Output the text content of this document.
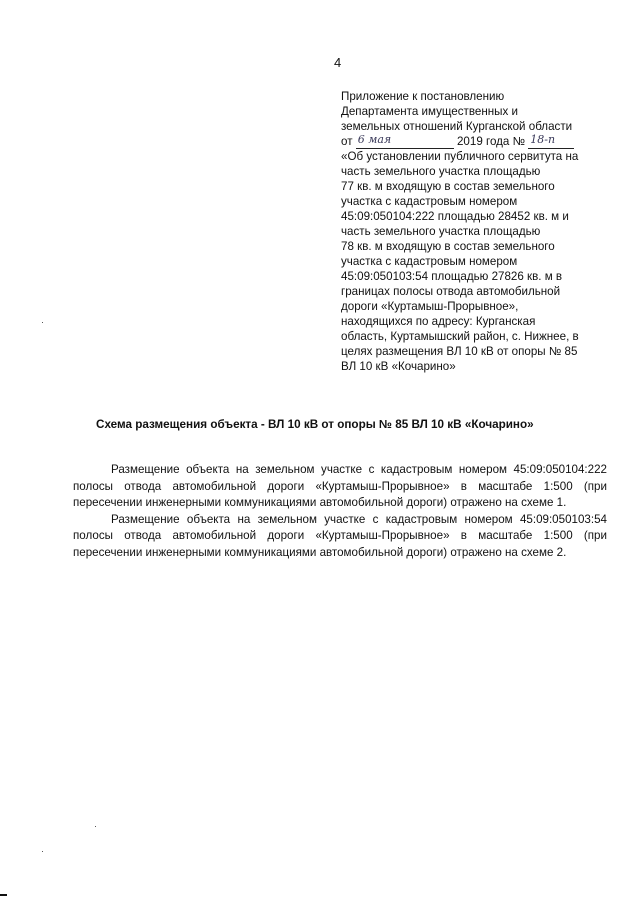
4
Приложение к постановлению
Департамента имущественных и
земельных отношений Курганской области
от 6 мая	2019 года № 18-п
«Об установлении публичного сервитута на
часть земельного участка площадью
77 кв. м входящую в состав земельного
участка с кадастровым номером
45:09:050104:222 площадью 28452 кв. м и
часть земельного участка площадью
78 кв. м входящую в состав земельного
участка с кадастровым номером
45:09:050103:54 площадью 27826 кв. м в
границах полосы отвода автомобильной
дороги «Куртамыш-Прорывное»,
находящихся по адресу: Курганская
область, Куртамышский район, с. Нижнее, в
целях размещения ВЛ 10 кВ от опоры № 85
ВЛ 10 кВ «Кочарино»
Схема размещения объекта - ВЛ 10 кВ от опоры № 85 ВЛ 10 кВ «Кочарино»

Размещение объекта на земельном участке с кадастровым номером 45:09:050104:222 полосы отвода автомобильной дороги «Куртамыш-Прорывное» в масштабе 1:500 (при пересечении инженерными коммуникациями автомобильной дороги) отражено на схеме 1.

Размещение объекта на земельном участке с кадастровым номером 45:09:050103:54 полосы отвода автомобильной дороги «Куртамыш-Прорывное» в масштабе 1:500 (при пересечении инженерными коммуникациями автомобильной дороги) отражено на схеме 2.
